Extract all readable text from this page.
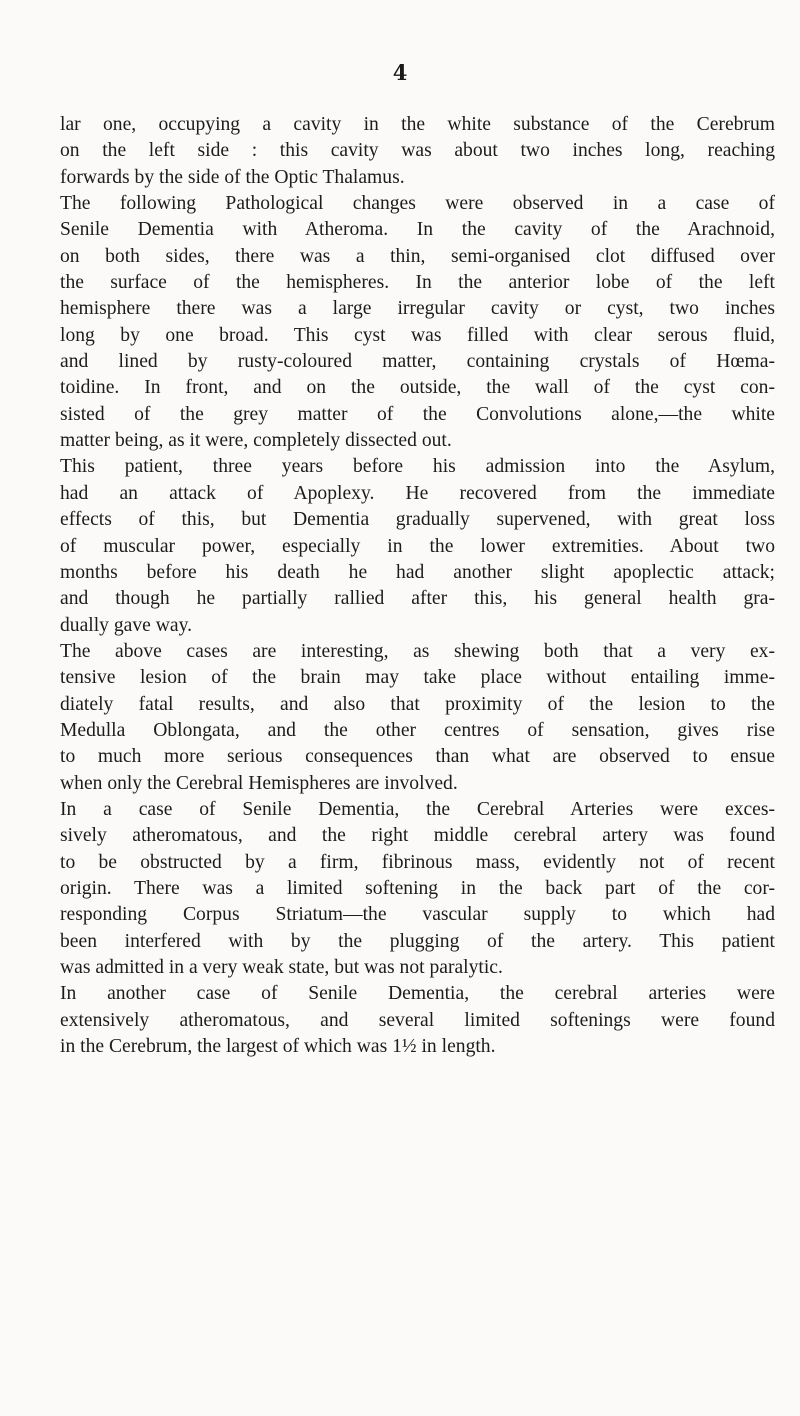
4
lar one, occupying a cavity in the white substance of the Cerebrum
on the left side : this cavity was about two inches long, reaching
forwards by the side of the Optic Thalamus.
The following Pathological changes were observed in a case of
Senile Dementia with Atheroma. In the cavity of the Arachnoid,
on both sides, there was a thin, semi-organised clot diffused over
the surface of the hemispheres. In the anterior lobe of the left
hemisphere there was a large irregular cavity or cyst, two inches
long by one broad. This cyst was filled with clear serous fluid,
and lined by rusty-coloured matter, containing crystals of Hœma-
toidine. In front, and on the outside, the wall of the cyst con-
sisted of the grey matter of the Convolutions alone,—the white
matter being, as it were, completely dissected out.
This patient, three years before his admission into the Asylum,
had an attack of Apoplexy. He recovered from the immediate
effects of this, but Dementia gradually supervened, with great loss
of muscular power, especially in the lower extremities. About two
months before his death he had another slight apoplectic attack;
and though he partially rallied after this, his general health gra-
dually gave way.
The above cases are interesting, as shewing both that a very ex-
tensive lesion of the brain may take place without entailing imme-
diately fatal results, and also that proximity of the lesion to the
Medulla Oblongata, and the other centres of sensation, gives rise
to much more serious consequences than what are observed to ensue
when only the Cerebral Hemispheres are involved.
In a case of Senile Dementia, the Cerebral Arteries were exces-
sively atheromatous, and the right middle cerebral artery was found
to be obstructed by a firm, fibrinous mass, evidently not of recent
origin. There was a limited softening in the back part of the cor-
responding Corpus Striatum—the vascular supply to which had
been interfered with by the plugging of the artery. This patient
was admitted in a very weak state, but was not paralytic.
In another case of Senile Dementia, the cerebral arteries were
extensively atheromatous, and several limited softenings were found
in the Cerebrum, the largest of which was 1½ in length.
